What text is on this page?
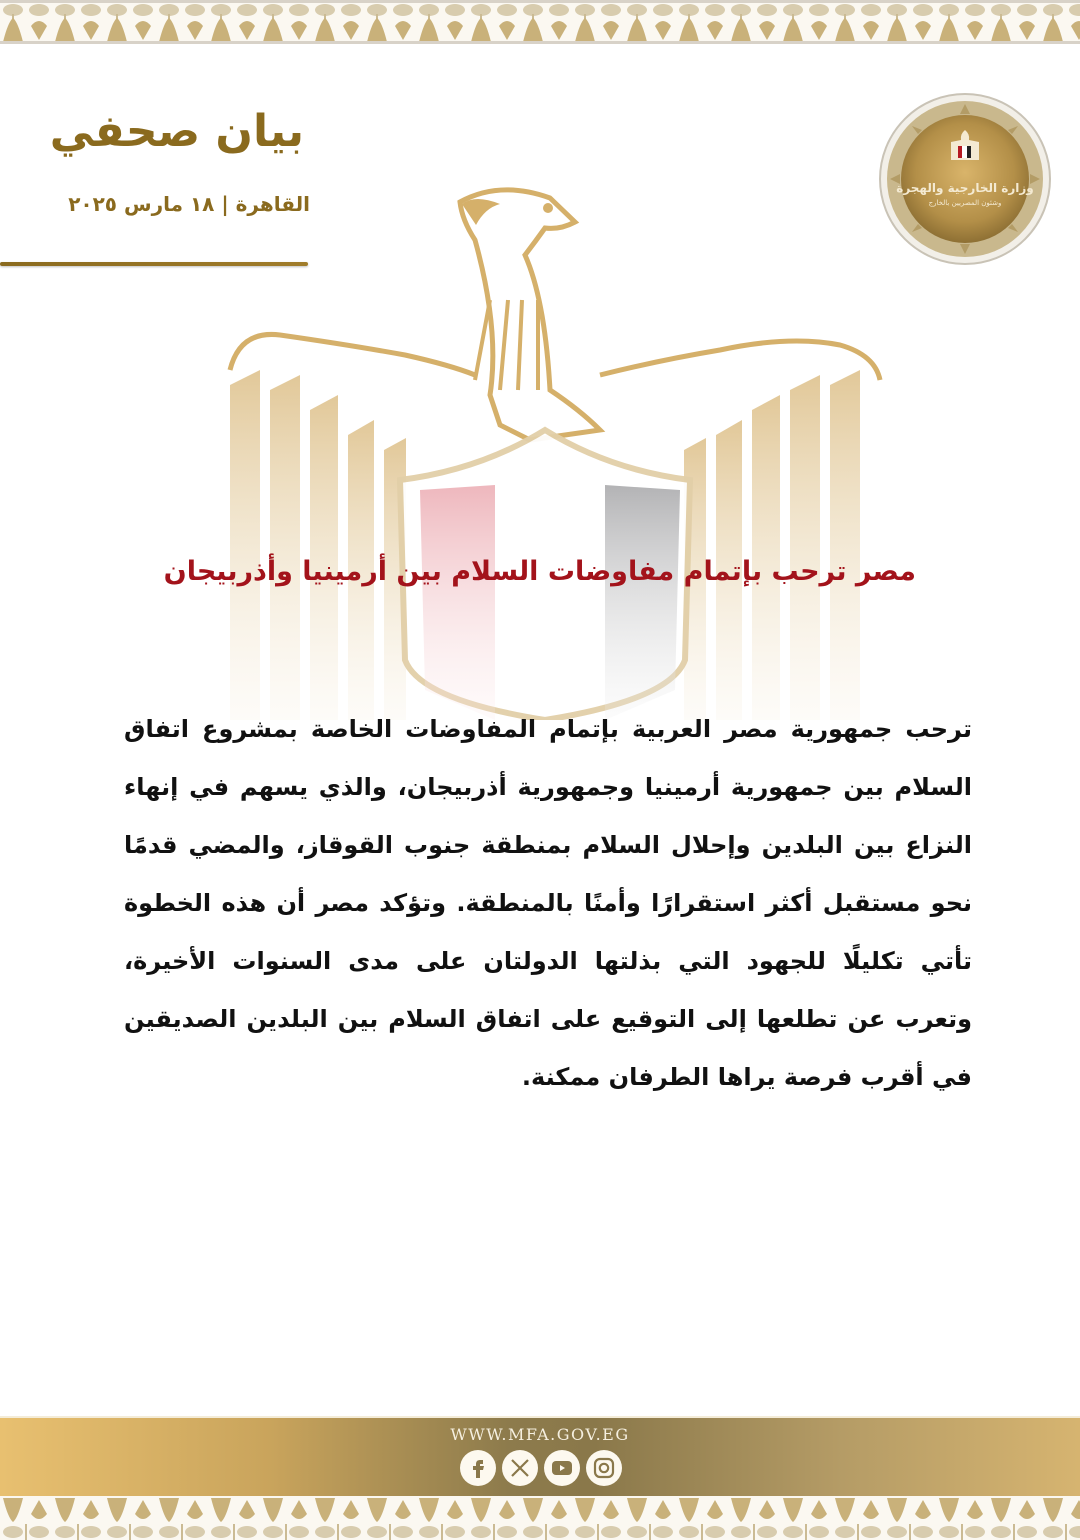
وزارة الخارجية والهجرة
وشئون المصريين بالخارج
بيان صحفي
القاهرة | ١٨ مارس ٢٠٢٥
مصر ترحب بإتمام مفاوضات السلام بين أرمينيا وأذربيجان
ترحب جمهورية مصر العربية بإتمام المفاوضات الخاصة بمشروع اتفاق السلام بين جمهورية أرمينيا وجمهورية أذربيجان، والذي يسهم في إنهاء النزاع بين البلدين وإحلال السلام بمنطقة جنوب القوقاز، والمضي قدمًا نحو مستقبل أكثر استقرارًا وأمنًا بالمنطقة. وتؤكد مصر أن هذه الخطوة تأتي تكليلًا للجهود التي بذلتها الدولتان على مدى السنوات الأخيرة، وتعرب عن تطلعها إلى التوقيع على اتفاق السلام بين البلدين الصديقين في أقرب فرصة يراها الطرفان ممكنة.
WWW.MFA.GOV.EG
